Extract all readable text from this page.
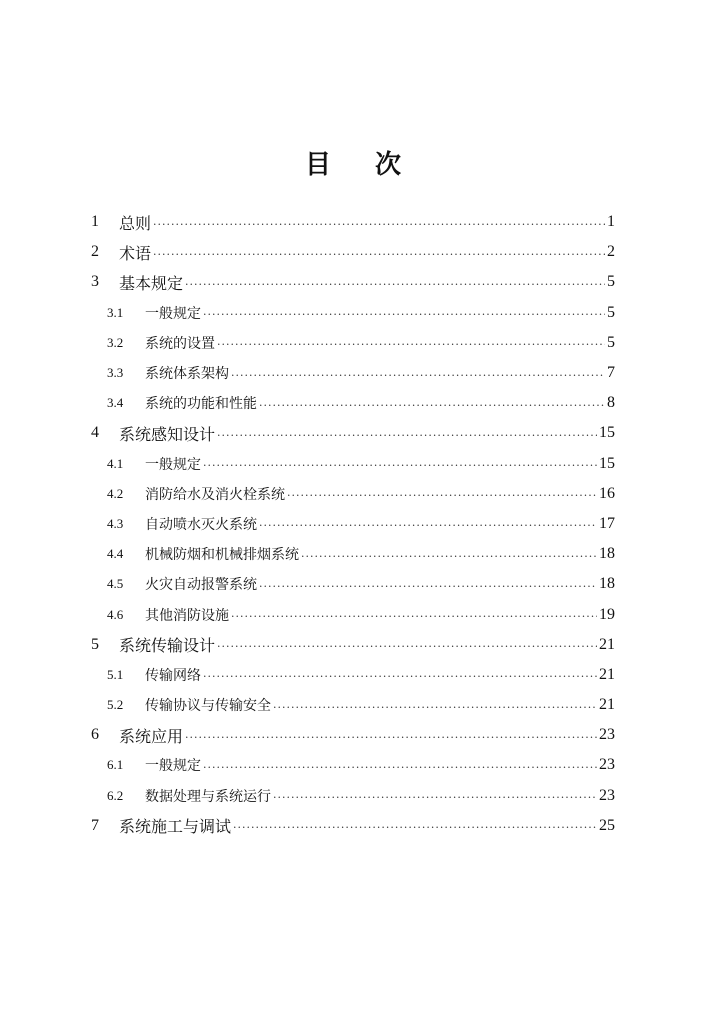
目 次
1	总则 ·····	1
2	术语 ·····	2
3	基本规定 ·····	5
3.1	一般规定 ·····	5
3.2	系统的设置 ·····	5
3.3	系统体系架构 ·····	7
3.4	系统的功能和性能 ·····	8
4	系统感知设计 ·····	15
4.1	一般规定 ·····	15
4.2	消防给水及消火栓系统 ·····	16
4.3	自动喷水灭火系统 ·····	17
4.4	机械防烟和机械排烟系统 ·····	18
4.5	火灾自动报警系统 ·····	18
4.6	其他消防设施 ·····	19
5	系统传输设计 ·····	21
5.1	传输网络 ·····	21
5.2	传输协议与传输安全 ·····	21
6	系统应用 ·····	23
6.1	一般规定 ·····	23
6.2	数据处理与系统运行 ·····	23
7	系统施工与调试 ·····	25
